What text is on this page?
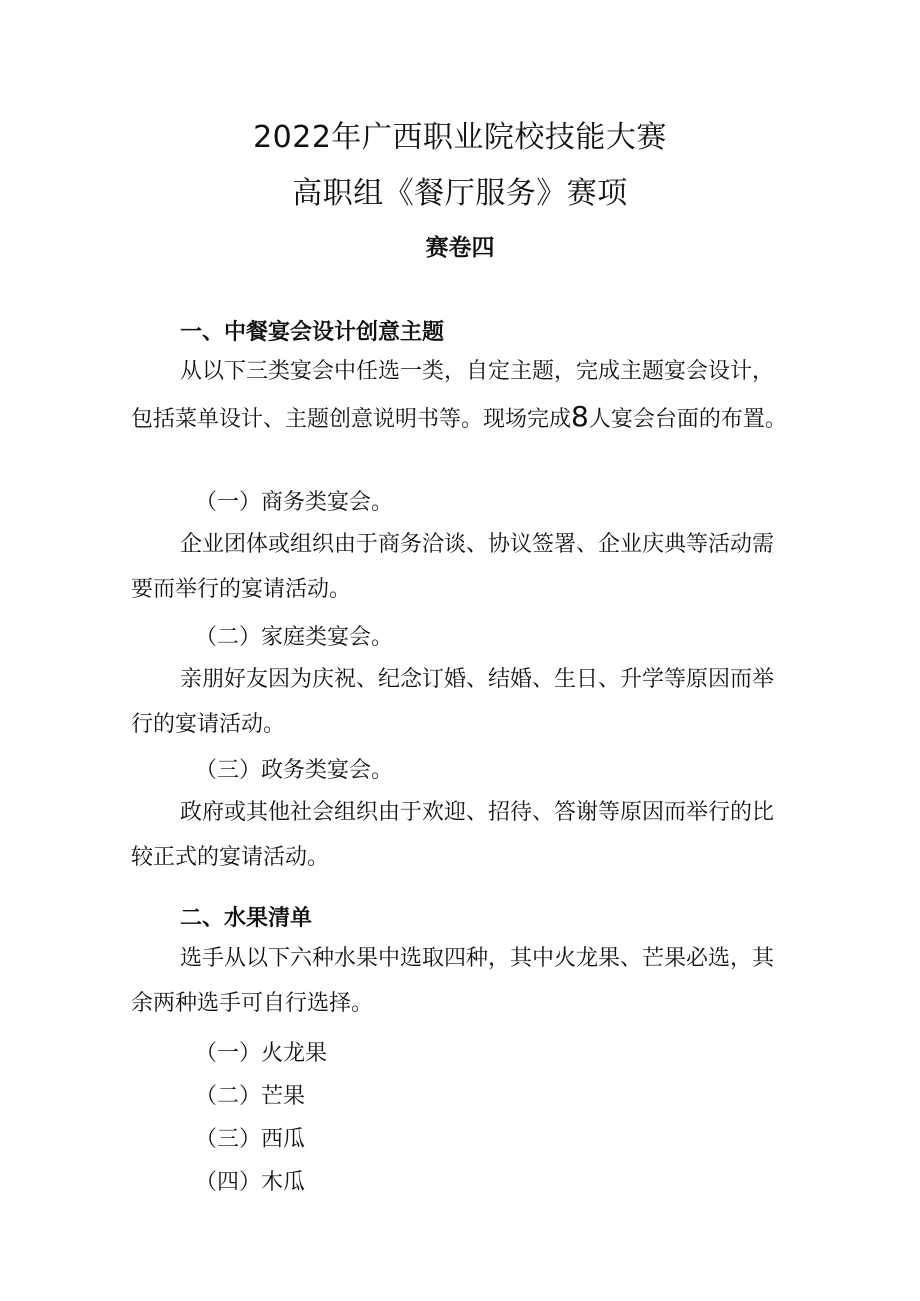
2022年广西职业院校技能大赛
高职组《餐厅服务》赛项
赛卷四
一、中餐宴会设计创意主题
从以下三类宴会中任选一类，自定主题，完成主题宴会设计，包括菜单设计、主题创意说明书等。现场完成8人宴会台面的布置。
（一）商务类宴会。
企业团体或组织由于商务洽谈、协议签署、企业庆典等活动需要而举行的宴请活动。
（二）家庭类宴会。
亲朋好友因为庆祝、纪念订婚、结婚、生日、升学等原因而举行的宴请活动。
（三）政务类宴会。
政府或其他社会组织由于欢迎、招待、答谢等原因而举行的比较正式的宴请活动。
二、水果清单
选手从以下六种水果中选取四种，其中火龙果、芒果必选，其余两种选手可自行选择。
（一）火龙果
（二）芒果
（三）西瓜
（四）木瓜
